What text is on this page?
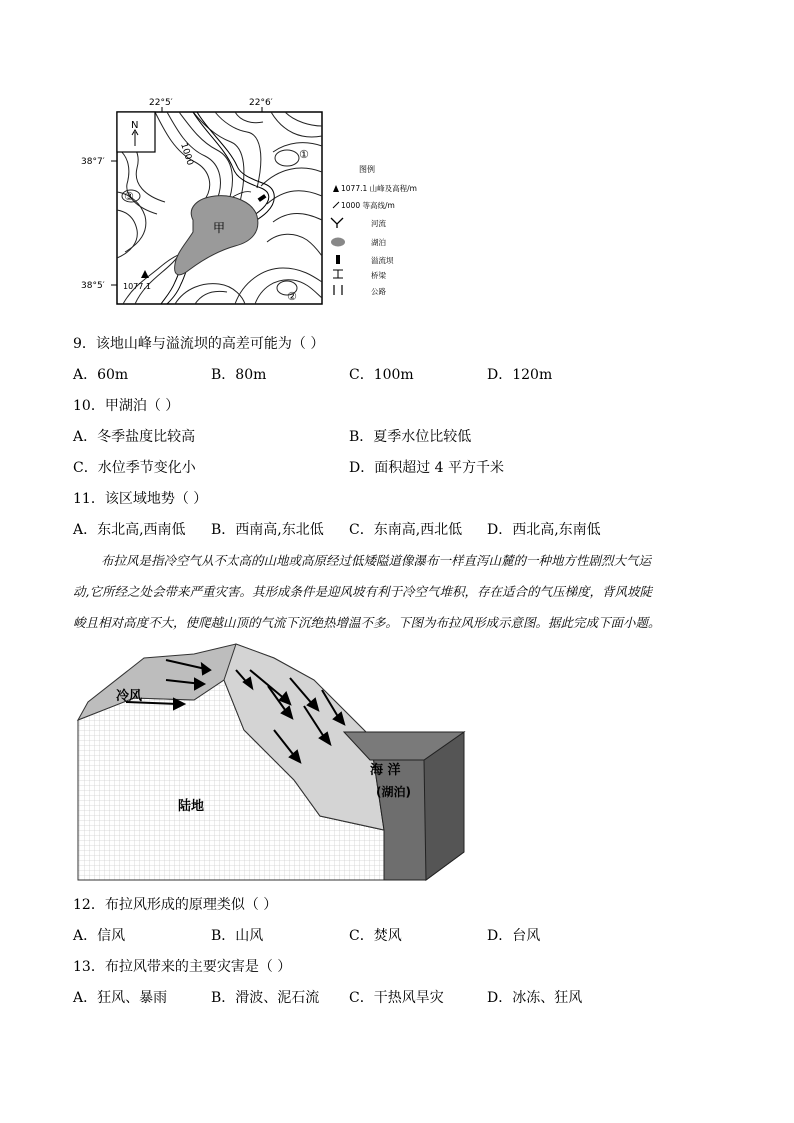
22°5′	22°6′
38°7′
38°5′
甲
N
1000
1077.1
①
②
③
图例
1077.1 山峰及高程/m
1000 等高线/m
河流
湖泊
溢流坝
桥梁
公路
9．该地山峰与溢流坝的高差可能为（ ）
A．60m	B．80m	C．100m	D．120m
10．甲湖泊（ ）
A．冬季盐度比较高	B．夏季水位比较低
C．水位季节变化小	D．面积超过 4 平方千米
11．该区域地势（ ）
A．东北高,西南低 B．西南高,东北低 C．东南高,西北低 D．西北高,东南低
布拉风是指冷空气从不太高的山地或高原经过低矮隘道像瀑布一样直泻山麓的一种地方性剧烈大气运
动,它所经之处会带来严重灾害。其形成条件是迎风坡有利于冷空气堆积，存在适合的气压梯度，背风坡陡
峻且相对高度不大，使爬越山顶的气流下沉绝热增温不多。下图为布拉风形成示意图。据此完成下面小题。
冷风
陆地
海 洋
(湖泊)
12．布拉风形成的原理类似（ ）
A．信风	B．山风	C．焚风	D．台风
13．布拉风带来的主要灾害是（ ）
A．狂风、暴雨	B．滑波、泥石流 C．干热风旱灾	D．冰冻、狂风
